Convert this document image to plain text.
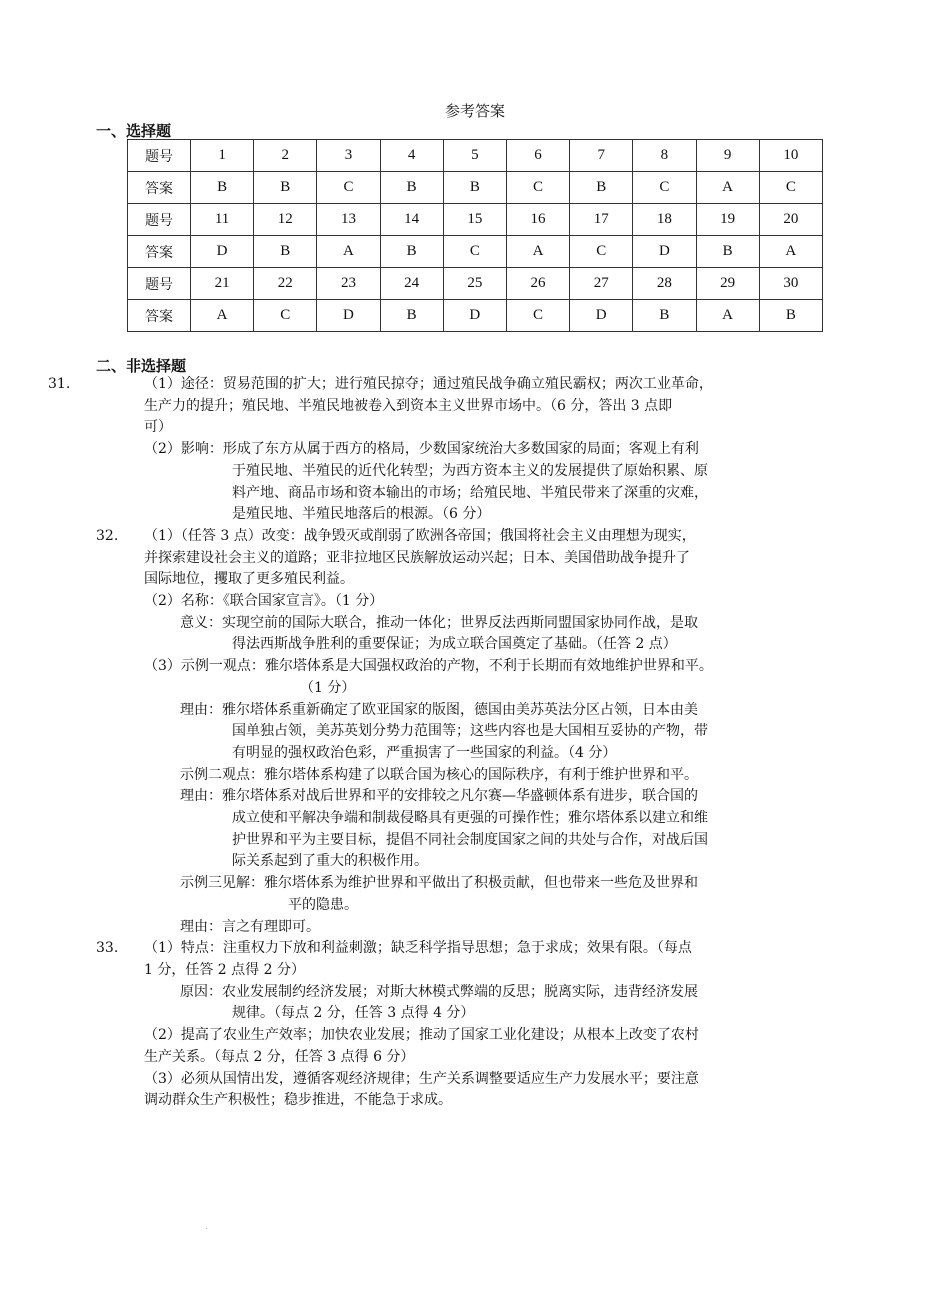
参考答案
一、选择题
题号	1	2	3	4	5	6	7	8	9	10
答案	B	B	C	B	B	C	B	C	A	C
题号	11	12	13	14	15	16	17	18	19	20
答案	D	B	A	B	C	A	C	D	B	A
题号	21	22	23	24	25	26	27	28	29	30
答案	A	C	D	B	D	C	D	B	A	B
二、非选择题
31.	（1）途径：贸易范围的扩大；进行殖民掠夺；通过殖民战争确立殖民霸权；两次工业革命，
生产力的提升；殖民地、半殖民地被卷入到资本主义世界市场中。（6 分，答出 3 点即
可）
（2）影响：形成了东方从属于西方的格局，少数国家统治大多数国家的局面；客观上有利
于殖民地、半殖民的近代化转型；为西方资本主义的发展提供了原始积累、原
料产地、商品市场和资本输出的市场；给殖民地、半殖民带来了深重的灾难，
是殖民地、半殖民地落后的根源。（6 分）
32. （1）（任答 3 点）改变：战争毁灭或削弱了欧洲各帝国；俄国将社会主义由理想为现实，
并探索建设社会主义的道路；亚非拉地区民族解放运动兴起；日本、美国借助战争提升了
国际地位，攫取了更多殖民利益。
（2）名称：《联合国家宣言》。（1 分）
意义：实现空前的国际大联合，推动一体化；世界反法西斯同盟国家协同作战，是取
得法西斯战争胜利的重要保证；为成立联合国奠定了基础。（任答 2 点）
（3）示例一观点：雅尔塔体系是大国强权政治的产物，不利于长期而有效地维护世界和平。
（1 分）
理由：雅尔塔体系重新确定了欧亚国家的版图，德国由美苏英法分区占领，日本由美
国单独占领，美苏英划分势力范围等；这些内容也是大国相互妥协的产物，带
有明显的强权政治色彩，严重损害了一些国家的利益。（4 分）
示例二观点：雅尔塔体系构建了以联合国为核心的国际秩序，有利于维护世界和平。
理由：雅尔塔体系对战后世界和平的安排较之凡尔赛—华盛顿体系有进步，联合国的
成立使和平解决争端和制裁侵略具有更强的可操作性；雅尔塔体系以建立和维
护世界和平为主要目标，提倡不同社会制度国家之间的共处与合作，对战后国
际关系起到了重大的积极作用。
示例三见解：雅尔塔体系为维护世界和平做出了积极贡献，但也带来一些危及世界和
平的隐患。
理由：言之有理即可。
33. （1）特点：注重权力下放和利益刺激；缺乏科学指导思想；急于求成；效果有限。（每点
1 分，任答 2 点得 2 分）
原因：农业发展制约经济发展；对斯大林模式弊端的反思；脱离实际，违背经济发展
规律。（每点 2 分，任答 3 点得 4 分）
（2）提高了农业生产效率；加快农业发展；推动了国家工业化建设；从根本上改变了农村
生产关系。（每点 2 分，任答 3 点得 6 分）
（3）必须从国情出发，遵循客观经济规律；生产关系调整要适应生产力发展水平；要注意
调动群众生产积极性；稳步推进，不能急于求成。
.
